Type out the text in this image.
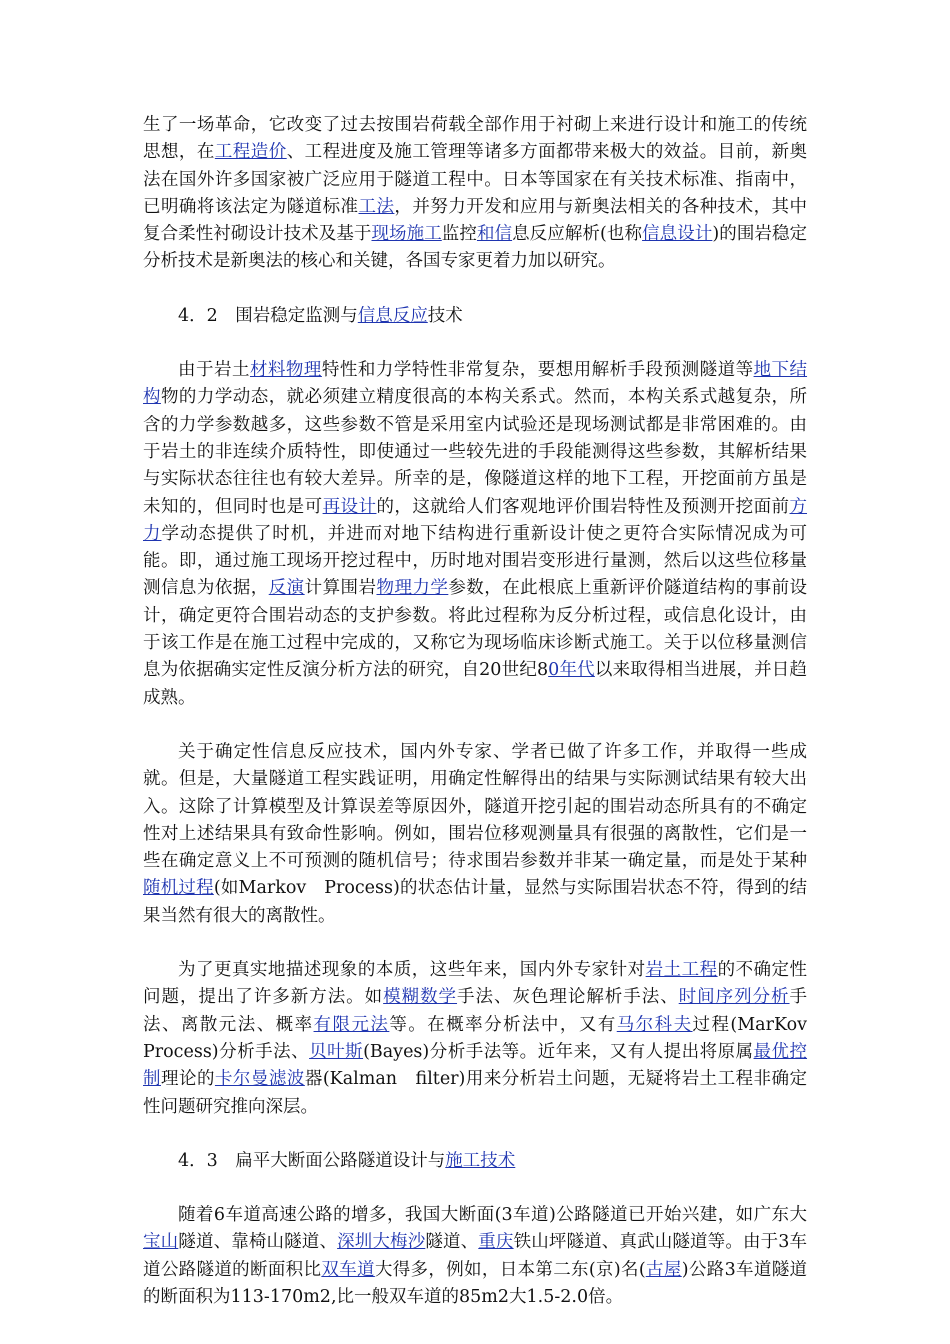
生了一场革命，它改变了过去按围岩荷载全部作用于衬砌上来进行设计和施工的传统思想，在工程造价、工程进度及施工管理等诸多方面都带来极大的效益。目前，新奥法在国外许多国家被广泛应用于隧道工程中。日本等国家在有关技术标准、指南中，已明确将该法定为隧道标准工法，并努力开发和应用与新奥法相关的各种技术，其中复合柔性衬砌设计技术及基于现场施工监控和信息反应解析(也称信息设计)的围岩稳定分析技术是新奥法的核心和关键，各国专家更着力加以研究。

4．2　围岩稳定监测与信息反应技术

由于岩土材料物理特性和力学特性非常复杂，要想用解析手段预测隧道等地下结构物的力学动态，就必须建立精度很高的本构关系式。然而，本构关系式越复杂，所含的力学参数越多，这些参数不管是采用室内试验还是现场测试都是非常困难的。由于岩土的非连续介质特性，即使通过一些较先进的手段能测得这些参数，其解析结果与实际状态往往也有较大差异。所幸的是，像隧道这样的地下工程，开挖面前方虽是未知的，但同时也是可再设计的，这就给人们客观地评价围岩特性及预测开挖面前方力学动态提供了时机，并进而对地下结构进行重新设计使之更符合实际情况成为可能。即，通过施工现场开挖过程中，历时地对围岩变形进行量测，然后以这些位移量测信息为依据，反演计算围岩物理力学参数，在此根底上重新评价隧道结构的事前设计，确定更符合围岩动态的支护参数。将此过程称为反分析过程，或信息化设计，由于该工作是在施工过程中完成的，又称它为现场临床诊断式施工。关于以位移量测信息为依据确实定性反演分析方法的研究，自20世纪80年代以来取得相当进展，并日趋成熟。

关于确定性信息反应技术，国内外专家、学者已做了许多工作，并取得一些成就。但是，大量隧道工程实践证明，用确定性解得出的结果与实际测试结果有较大出入。这除了计算模型及计算误差等原因外，隧道开挖引起的围岩动态所具有的不确定性对上述结果具有致命性影响。例如，围岩位移观测量具有很强的离散性，它们是一些在确定意义上不可预测的随机信号；待求围岩参数并非某一确定量，而是处于某种随机过程(如Markov　Process)的状态估计量，显然与实际围岩状态不符，得到的结果当然有很大的离散性。

为了更真实地描述现象的本质，这些年来，国内外专家针对岩土工程的不确定性问题，提出了许多新方法。如模糊数学手法、灰色理论解析手法、时间序列分析手法、离散元法、概率有限元法等。在概率分析法中，又有马尔科夫过程(MarKov　Process)分析手法、贝叶斯(Bayes)分析手法等。近年来，又有人提出将原属最优控制理论的卡尔曼滤波器(Kalman　filter)用来分析岩土问题，无疑将岩土工程非确定性问题研究推向深层。

4．3　扁平大断面公路隧道设计与施工技术

随着6车道高速公路的增多，我国大断面(3车道)公路隧道已开始兴建，如广东大宝山隧道、靠椅山隧道、深圳大梅沙隧道、重庆铁山坪隧道、真武山隧道等。由于3车道公路隧道的断面积比双车道大得多，例如，日本第二东(京)名(古屋)公路3车道隧道的断面积为113-170m2,比一般双车道的85m2大1.5-2.0倍。
